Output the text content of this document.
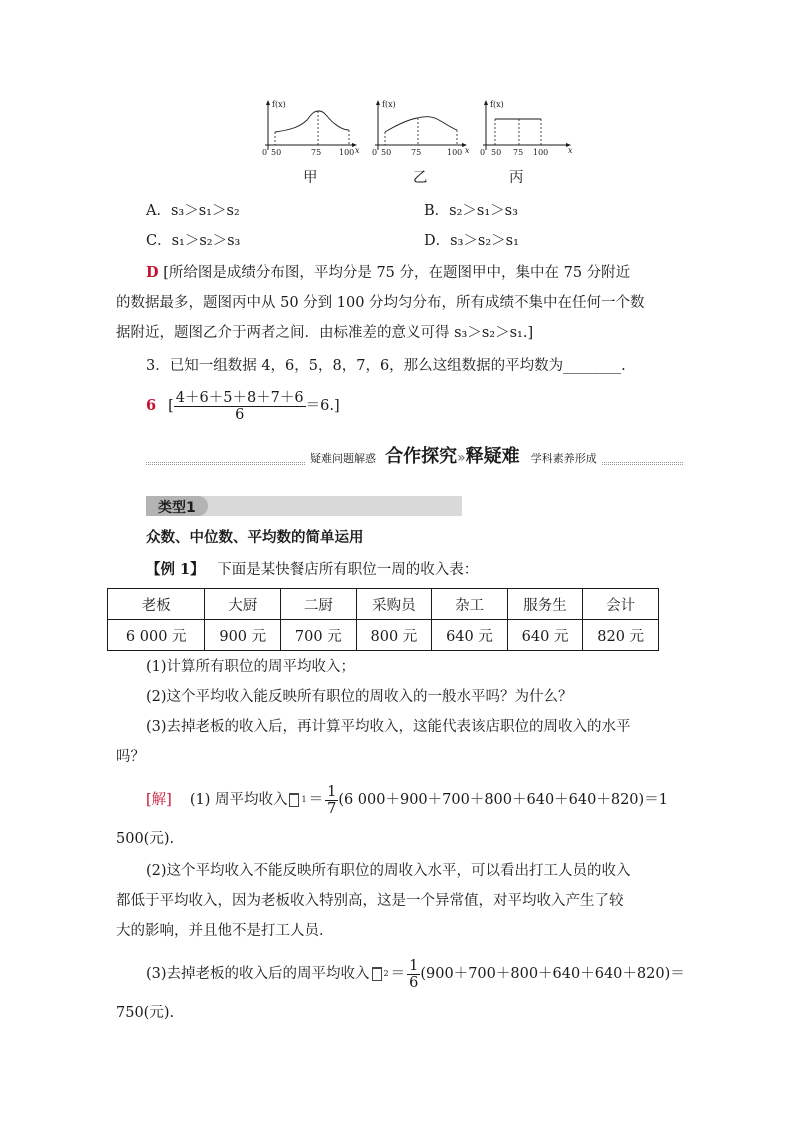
f(x)
0 50	75 100 x
f(x)
0 50 75	100 x
f(x)
0 50 75 100 x
甲	乙	丙
A．s₃＞s₁＞s₂	B．s₂＞s₁＞s₃
C．s₁＞s₂＞s₃	D．s₃＞s₂＞s₁
D [所给图是成绩分布图，平均分是 75 分，在题图甲中，集中在 75 分附近
的数据最多，题图丙中从 50 分到 100 分均匀分布，所有成绩不集中在任何一个数
据附近，题图乙介于两者之间．由标准差的意义可得 s₃＞s₂＞s₁.]
3．已知一组数据 4，6，5，8，7，6，那么这组数据的平均数为________.
6 [ $\frac{4+6+5+8+7+6}{6} =6$.]
疑难问题解惑 合作探究»释疑难 学科素养形成
类型1
众数、中位数、平均数的简单运用
【例 1】 下面是某快餐店所有职位一周的收入表：
老板	大厨	二厨	采购员	杂工	服务生	会计
6 000 元	900 元	700 元	800 元	640 元	640 元	820 元
(1)计算所有职位的周平均收入；
(2)这个平均收入能反映所有职位的周收入的一般水平吗？为什么？
(3)去掉老板的收入后，再计算平均收入，这能代表该店职位的周收入的水平
吗？
[解] (1) 周平均收入 $1 = \frac{1}{7} (6$ 000＋900＋700＋800＋640＋640＋820)＝1
500(元).
(2)这个平均收入不能反映所有职位的周收入水平，可以看出打工人员的收入
都低于平均收入，因为老板收入特别高，这是一个异常值，对平均收入产生了较
大的影响，并且他不是打工人员．
(3)去掉老板的收入后的周平均收入 $2 = \frac{1}{6} (900+700+800+640+640+820)=$
750(元).
